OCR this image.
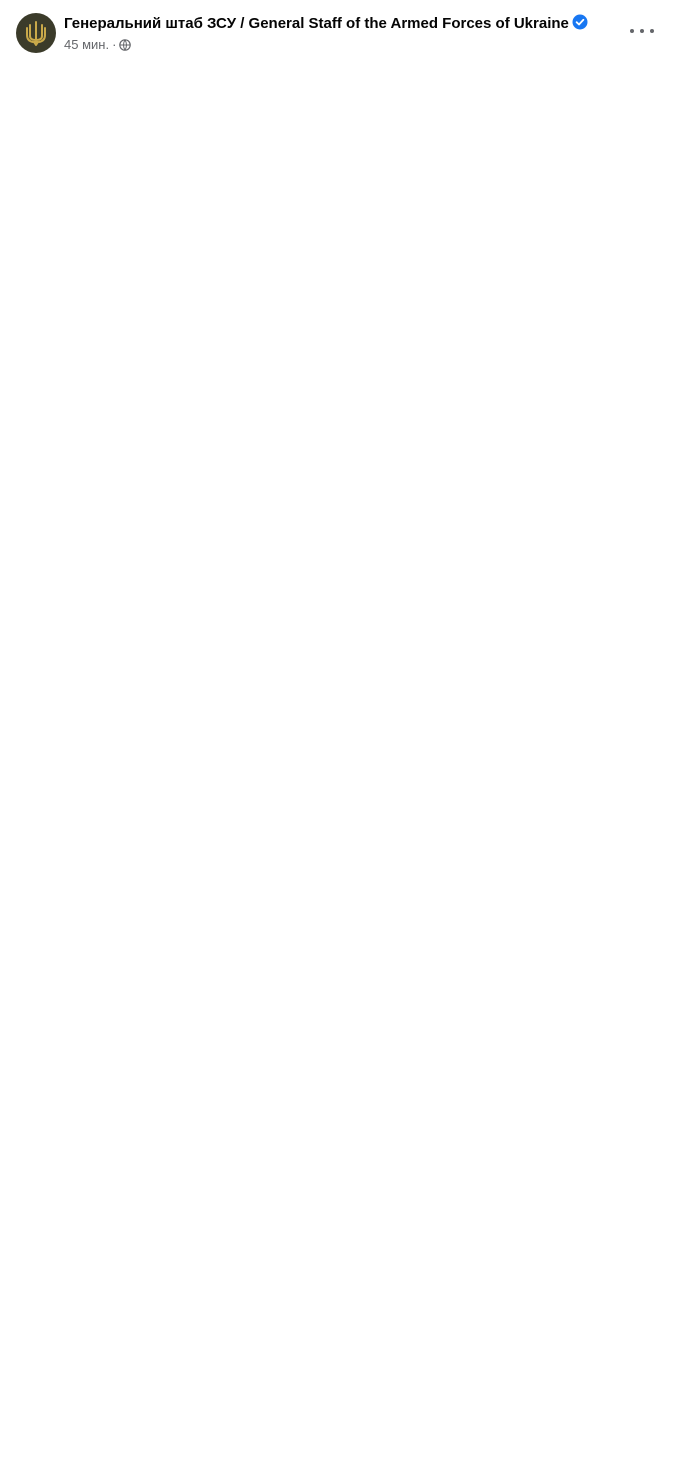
Генеральний штаб ЗСУ / General Staff of the Armed Forces of Ukraine
45 мин. ·
